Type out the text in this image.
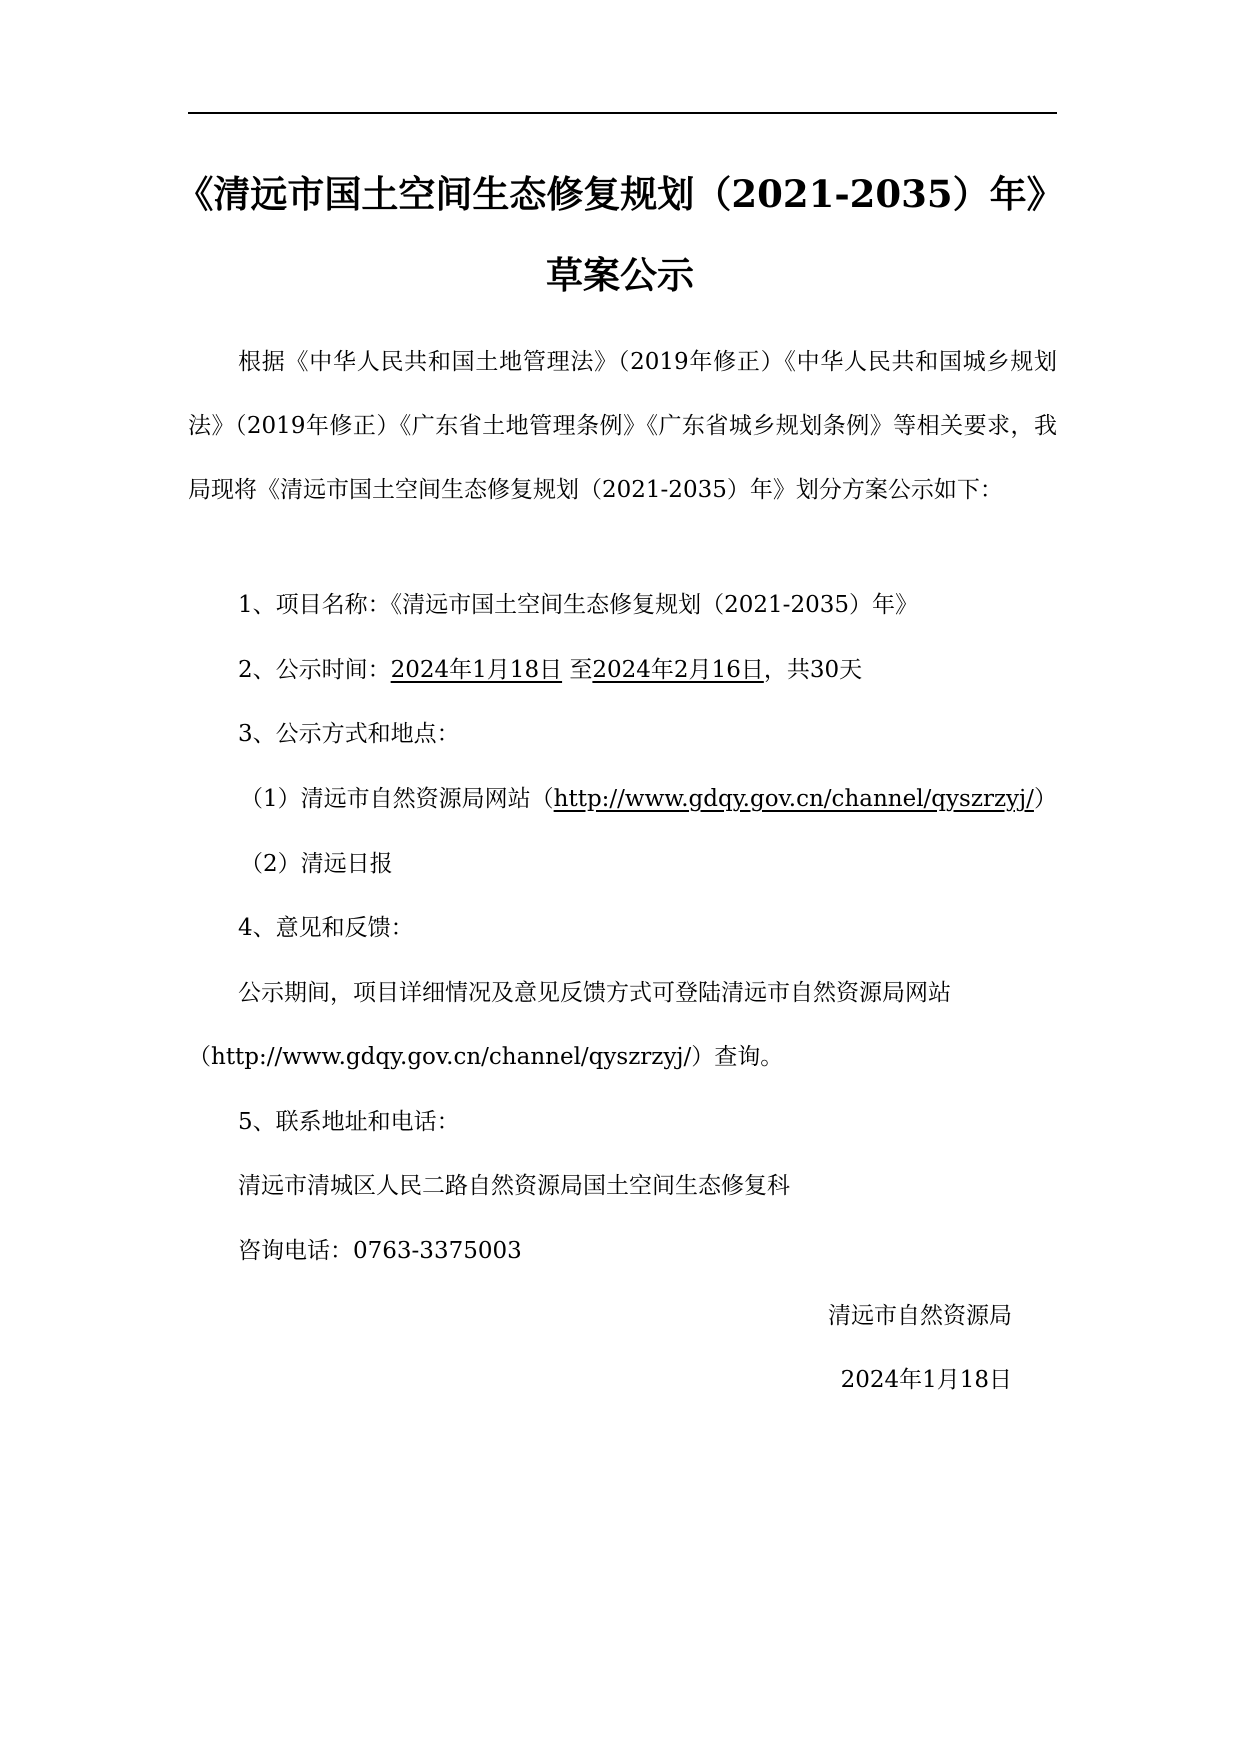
《清远市国土空间生态修复规划（2021-2035）年》
草案公示

根据《中华人民共和国土地管理法》（2019年修正）《中华人民共和国城乡规划法》（2019年修正）《广东省土地管理条例》《广东省城乡规划条例》等相关要求，我局现将《清远市国土空间生态修复规划（2021-2035）年》划分方案公示如下：

1、项目名称：《清远市国土空间生态修复规划（2021-2035）年》

2、公示时间：2024年1月18日 至2024年2月16日，共30天

3、公示方式和地点：

（1）清远市自然资源局网站（http://www.gdqy.gov.cn/channel/qyszrzyj/）

（2）清远日报

4、意见和反馈：

公示期间，项目详细情况及意见反馈方式可登陆清远市自然资源局网站

（http://www.gdqy.gov.cn/channel/qyszrzyj/）查询。

5、联系地址和电话：

清远市清城区人民二路自然资源局国土空间生态修复科

咨询电话：0763-3375003

清远市自然资源局

2024年1月18日
